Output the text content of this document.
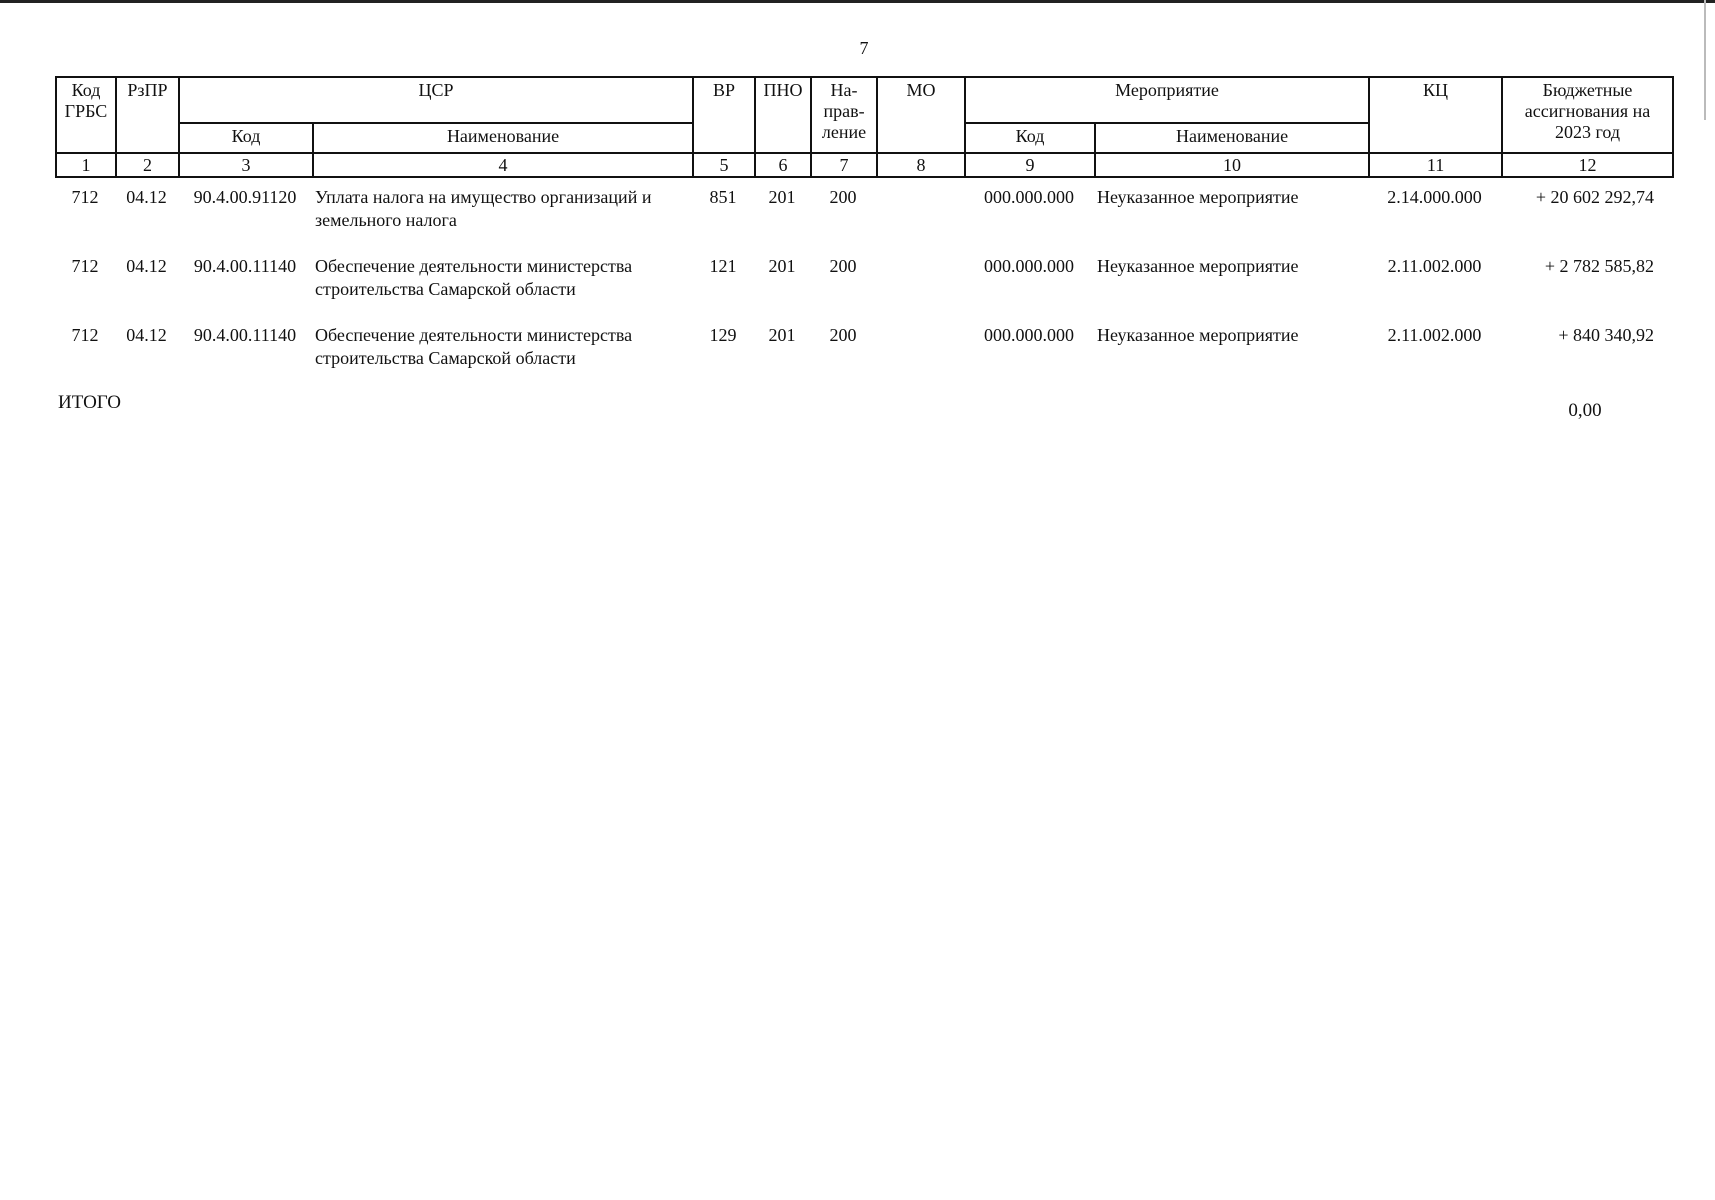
7
Код ГРБС	РзПР	ЦСР		ВР	ПНО	На-прав-ление	МО	Мероприятие		КЦ	Бюджетные ассигнования на 2023 год
		Код	Наименование					Код	Наименование		
1	2	3	4	5	6	7	8	9	10	11	12
712	04.12	90.4.00.91120	Уплата налога на имущество организаций и земельного налога	851	201	200		000.000.000	Неуказанное мероприятие	2.14.000.000	+ 20 602 292,74
712	04.12	90.4.00.11140	Обеспечение деятельности министерства строительства Самарской области	121	201	200		000.000.000	Неуказанное мероприятие	2.11.002.000	+ 2 782 585,82
712	04.12	90.4.00.11140	Обеспечение деятельности министерства строительства Самарской области	129	201	200		000.000.000	Неуказанное мероприятие	2.11.002.000	+ 840 340,92
ИТОГО	0,00
